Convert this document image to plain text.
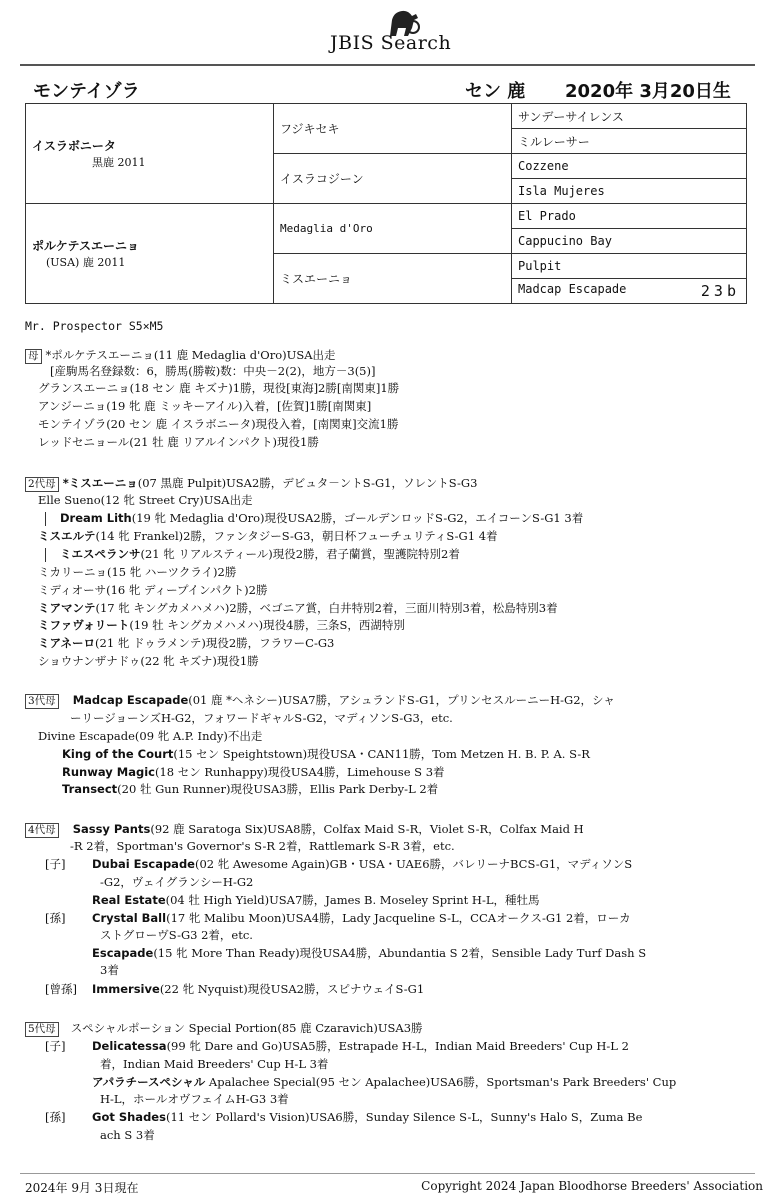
JBIS Search
モンテイゾラ	セン 鹿 2020年 3月20日生
イスラボニータ
黒鹿 2011	フジキセキ	サンデーサイレンス
		ミルレーサー
	イスラコジーン	Cozzene
		Isla Mujeres

ポルケテスエーニョ
(USA) 鹿 2011	Medaglia d'Oro	El Prado
		Cappucino Bay
	ミスエーニョ	Pulpit
		Madcap Escapade 23b
Mr. Prospector S5×M5
母 *ポルケテスエーニョ(11 鹿 Medaglia d'Oro)USA出走
[産駒馬名登録数：6，勝馬(勝鞍)数：中央－2(2)，地方－3(5)]
グランスエーニョ(18 セン 鹿 キズナ)1勝，現役[東海]2勝[南関東]1勝
アンジーニョ(19 牝 鹿 ミッキーアイル)入着，[佐賀]1勝[南関東]
モンテイゾラ(20 セン 鹿 イスラボニータ)現役入着，[南関東]交流1勝
レッドセニョール(21 牡 鹿 リアルインパクト)現役1勝
2代母 *ミスエーニョ(07 黒鹿 Pulpit)USA2勝，デビュタ－ントS-G1，ソレントS-G3
Elle Sueno(12 牝 Street Cry)USA出走
Dream Lith(19 牝 Medaglia d'Oro)現役USA2勝，ゴールデンロッドS-G2，エイコーンS-G1 3着
ミスエルテ(14 牝 Frankel)2勝，ファンタジーS-G3，朝日杯フューチュリティS-G1 4着
ミエスペランサ(21 牝 リアルスティール)現役2勝，君子蘭賞，聖護院特別2着
ミカリーニョ(15 牝 ハーツクライ)2勝
ミディオーサ(16 牝 ディープインパクト)2勝
ミアマンテ(17 牝 キングカメハメハ)2勝，ベゴニア賞，白井特別2着，三面川特別3着，松島特別3着
ミファヴォリート(19 牡 キングカメハメハ)現役4勝，三条S，西湖特別
ミアネーロ(21 牝 ドゥラメンテ)現役2勝，フラワーC-G3
ショウナンザナドゥ(22 牝 キズナ)現役1勝
3代母 Madcap Escapade(01 鹿 *ヘネシー)USA7勝，アシュランドS-G1，プリンセスルーニーH-G2，シャ
ーリージョーンズH-G2，フォワードギャルS-G2，マディソンS-G3，etc.
Divine Escapade(09 牝 A.P. Indy)不出走
King of the Court(15 セン Speightstown)現役USA・CAN11勝，Tom Metzen H. B. P. A. S-R
Runway Magic(18 セン Runhappy)現役USA4勝，Limehouse S 3着
Transect(20 牡 Gun Runner)現役USA3勝，Ellis Park Derby-L 2着
4代母 Sassy Pants(92 鹿 Saratoga Six)USA8勝，Colfax Maid S-R，Violet S-R，Colfax Maid H
-R 2着，Sportman's Governor's S-R 2着，Rattlemark S-R 3着，etc.
[子] Dubai Escapade(02 牝 Awesome Again)GB・USA・UAE6勝，バレリーナBCS-G1，マディソンS
-G2，ヴェイグランシーH-G2
Real Estate(04 牡 High Yield)USA7勝，James B. Moseley Sprint H-L，種牡馬
[孫] Crystal Ball(17 牝 Malibu Moon)USA4勝，Lady Jacqueline S-L，CCAオークス-G1 2着，ローカ
ストグローヴS-G3 2着，etc.
Escapade(15 牝 More Than Ready)現役USA4勝，Abundantia S 2着，Sensible Lady Turf Dash S
3着
[曾孫] Immersive(22 牝 Nyquist)現役USA2勝，スピナウェイS-G1
5代母 スペシャルポーション Special Portion(85 鹿 Czaravich)USA3勝
[子] Delicatessa(99 牝 Dare and Go)USA5勝，Estrapade H-L，Indian Maid Breeders' Cup H-L 2
着，Indian Maid Breeders' Cup H-L 3着
アパラチースペシャル Apalachee Special(95 セン Apalachee)USA6勝，Sportsman's Park Breeders' Cup
H-L，ホールオヴフェイムH-G3 3着
[孫] Got Shades(11 セン Pollard's Vision)USA6勝，Sunday Silence S-L，Sunny's Halo S，Zuma Be
ach S 3着
2024年 9月 3日現在	Copyright 2024 Japan Bloodhorse Breeders' Association
